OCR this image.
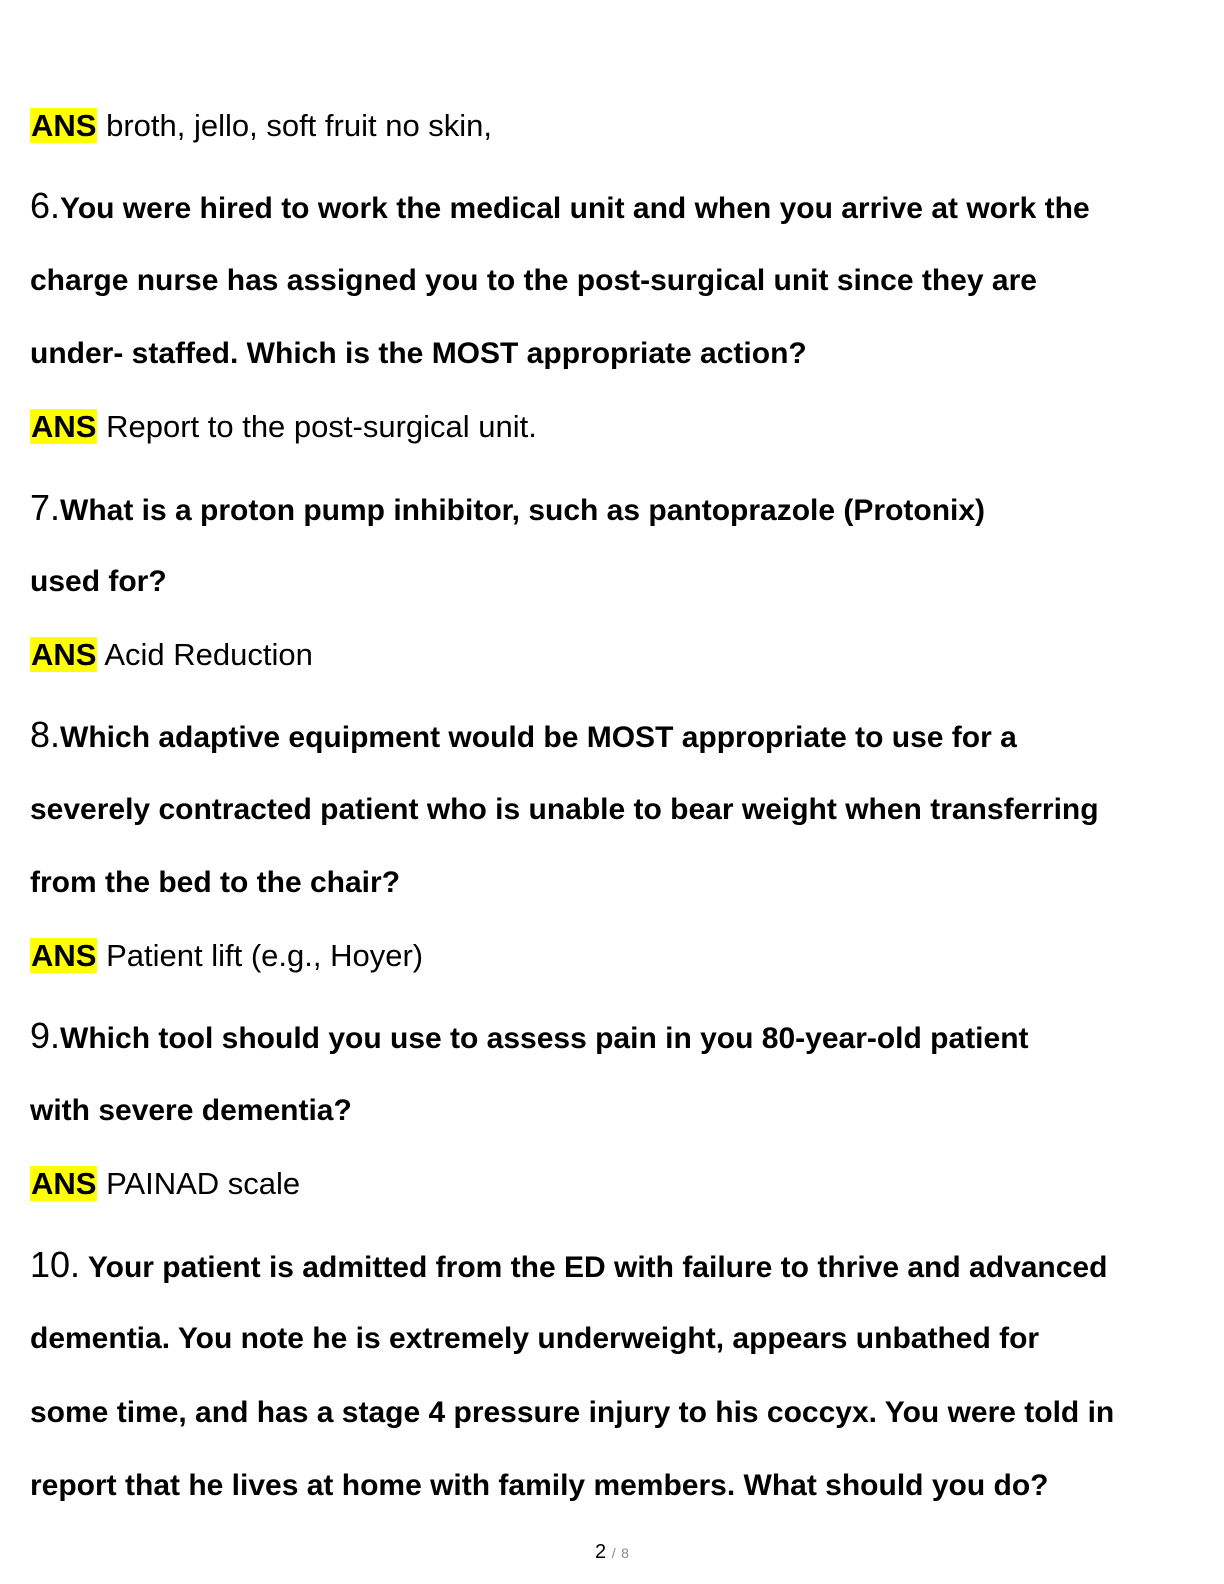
ANS broth, jello, soft fruit no skin,
6.You were hired to work the medical unit and when you arrive at work the
charge nurse has assigned you to the post-surgical unit since they are
under- staffed. Which is the MOST appropriate action?
ANS Report to the post-surgical unit.
7.What is a proton pump inhibitor, such as pantoprazole (Protonix)
used for?
ANS Acid Reduction
8.Which adaptive equipment would be MOST appropriate to use for a
severely contracted patient who is unable to bear weight when transferring
from the bed to the chair?
ANS Patient lift (e.g., Hoyer)
9.Which tool should you use to assess pain in you 80-year-old patient
with severe dementia?
ANS PAINAD scale
10. Your patient is admitted from the ED with failure to thrive and advanced
dementia. You note he is extremely underweight, appears unbathed for
some time, and has a stage 4 pressure injury to his coccyx. You were told in
report that he lives at home with family members. What should you do?
2 / 8
